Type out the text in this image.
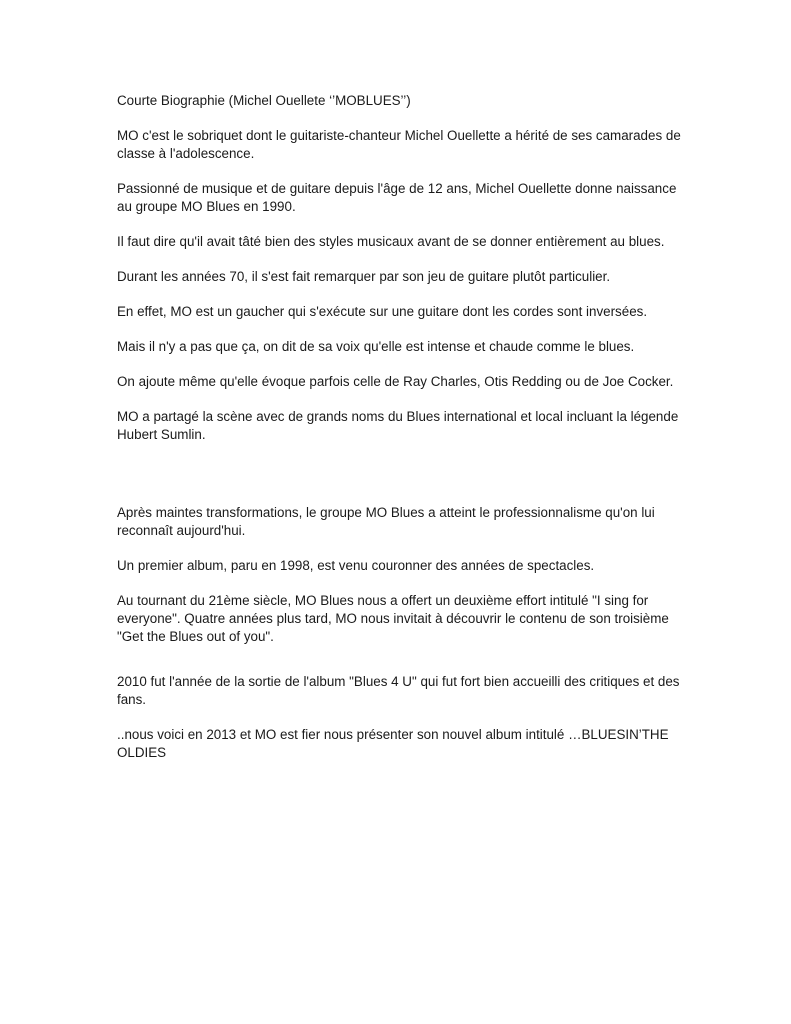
Courte Biographie (Michel Ouellete ‘’MOBLUES’’)

MO c'est le sobriquet dont le guitariste-chanteur Michel Ouellette a hérité de ses camarades de classe à l'adolescence.

Passionné de musique et de guitare depuis l'âge de 12 ans, Michel Ouellette donne naissance au groupe MO Blues en 1990.

Il faut dire qu'il avait tâté bien des styles musicaux avant de se donner entièrement au blues.

Durant les années 70, il s'est fait remarquer par son jeu de guitare plutôt particulier.

En effet, MO est un gaucher qui s'exécute sur une guitare dont les cordes sont inversées.

Mais il n'y a pas que ça, on dit de sa voix qu'elle est intense et chaude comme le blues.

On ajoute même qu'elle évoque parfois celle de Ray Charles, Otis Redding ou de Joe Cocker.

MO a partagé la scène avec de grands noms du Blues international et local incluant la légende Hubert Sumlin.

Après maintes transformations, le groupe MO Blues a atteint le professionnalisme qu'on lui reconnaît aujourd'hui.

Un premier album, paru en 1998, est venu couronner des années de spectacles.

Au tournant du 21ème siècle, MO Blues nous a offert un deuxième effort intitulé "I sing for everyone". Quatre années plus tard, MO nous invitait à découvrir le contenu de son troisième "Get the Blues out of you".

2010 fut l'année de la sortie de l'album "Blues 4 U" qui fut fort bien accueilli des critiques et des fans.

..nous voici en 2013 et MO est fier nous présenter son nouvel album intitulé …BLUESIN’THE OLDIES
